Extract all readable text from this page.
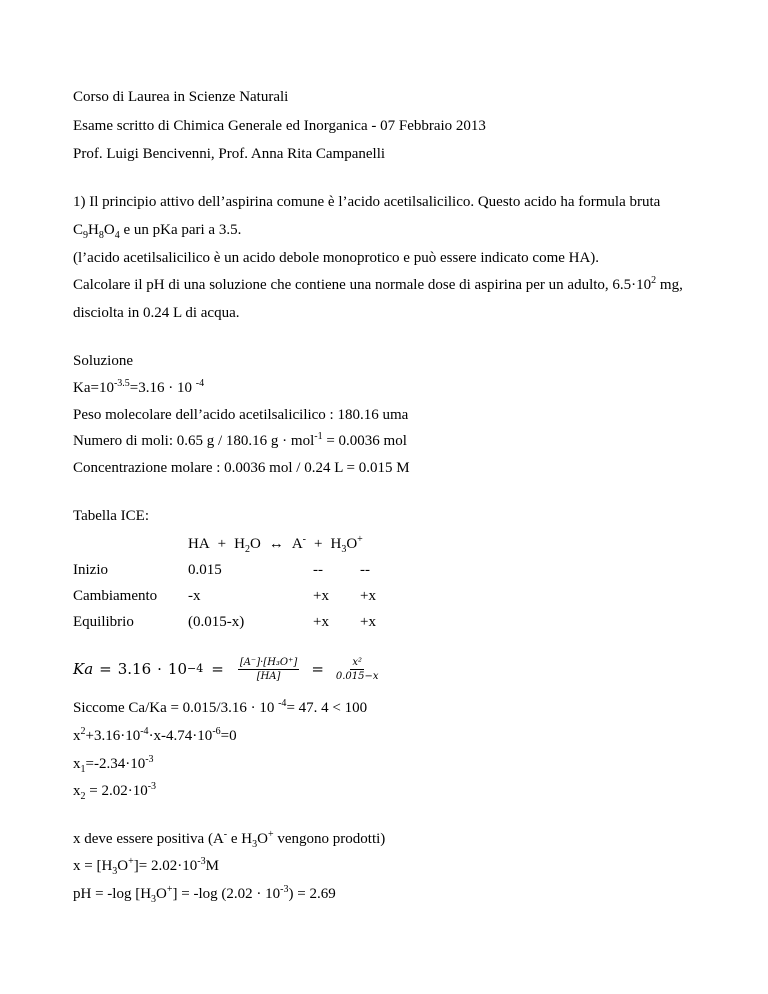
Corso di Laurea in Scienze Naturali
Esame scritto di Chimica Generale ed Inorganica - 07 Febbraio 2013
Prof. Luigi Bencivenni, Prof. Anna Rita Campanelli
1) Il principio attivo dell’aspirina comune è l’acido acetilsalicilico. Questo acido ha formula bruta
$C_9H_8O_4$ e un pKa pari a 3.5.
(l’acido acetilsalicilico è un acido debole monoprotico e può essere indicato come HA).
Calcolare il pH di una soluzione che contiene una normale dose di aspirina per un adulto, $6.5\cdot 10^2$ mg,
disciolta in 0.24 L di acqua.
Soluzione
$Ka=10^{-3.5}=3.16 \cdot 10$ $^{-4}$
Peso molecolare dell’acido acetilsalicilico : 180.16 uma
Numero di moli: 0.65 g / 180.16 g · mol$^{-1}$ = 0.0036 mol
Concentrazione molare : 0.0036 mol / 0.24 L = 0.015 M
Tabella ICE:
HA + $H_2O$ ↔ $A^- + H_3O^+$
Inizio	0.015	-- --
Cambiamento -x	+x +x
Equilibrio	(0.015-x)	+x +x
$Ka = 3.16 \cdot 10 -4 = \frac{\text{[A⁻]·[H₃O⁺]}}{[HA]} = \frac{\text{x²}}{0.015-x}$
Siccome Ca/Ka = 0.015/3.16 · 10 $^{-4}$= 47. 4 < 100
$x^2+3.16\cdot 10^{-4}\cdot x-4.74\cdot 10^{-6}=0$
$x_1=-2.34\cdot 10^{-3}$
$x_2 = 2.02\cdot 10^{-3}$
x deve essere positiva (A- e $H_3O^+$ vengono prodotti)
$x = [H_3O^+]= 2.02\cdot 10^{-3}M$
pH = -log $[H_3O^+] = -\log$ $(2.02 \cdot 10^{-3}) = 2.69$
